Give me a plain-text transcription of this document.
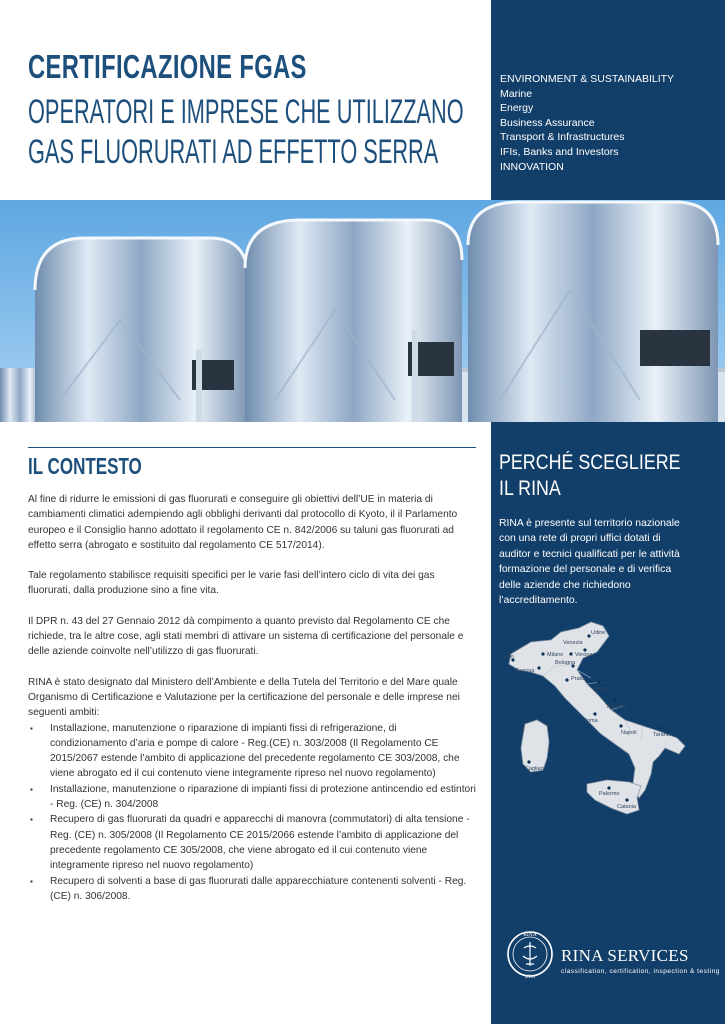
CERTIFICAZIONE FGAS
OPERATORI E IMPRESE CHE UTILIZZANO
GAS FLUORURATI AD EFFETTO SERRA
ENVIRONMENT & SUSTAINABILITY
Marine
Energy
Business Assurance
Transport & Infrastructures
IFIs, Banks and Investors
INNOVATION
PERCHÉ SCEGLIERE IL RINA

RINA è presente sul territorio nazionale con una rete di propri uffici dotati di auditor e tecnici qualificati per le attività formazione del personale e di verifica delle aziende che richiedono l’accreditamento.

Udine
Venezia
Milano Verona
Torino
Genova
Bologna
Prato
Ancona
Pescara
Roma
Napoli	Taranto
Cagliari
Palermo
Catania
RINA
1861

RINA SERVICES

classification, certification, inspection & testing

IL CONTESTO

Al fine di ridurre le emissioni di gas fluorurati e conseguire gli obiettivi dell’UE in materia di cambiamenti climatici adempiendo agli obblighi derivanti dal protocollo di Kyoto, il il Parlamento europeo e il Consiglio hanno adottato il regolamento CE n. 842/2006 su taluni gas fluorurati ad effetto serra (abrogato e sostituito dal regolamento CE 517/2014).

Tale regolamento stabilisce requisiti specifici per le varie fasi dell’intero ciclo di vita dei gas fluorurati, dalla produzione sino a fine vita.

Il DPR n. 43 del 27 Gennaio 2012 dà compimento a quanto previsto dal Regolamento CE che richiede, tra le altre cose, agli stati membri di attivare un sistema di certificazione del personale e delle aziende coinvolte nell’utilizzo di gas fluorurati.

RINA è stato designato dal Ministero dell’Ambiente e della Tutela del Territorio e del Mare quale Organismo di Certificazione e Valutazione per la certificazione del personale e delle imprese nei seguenti ambiti:

▪ Installazione, manutenzione o riparazione di impianti fissi di refrigerazione, di condizionamento d’aria e pompe di calore - Reg.(CE) n. 303/2008 (Il Regolamento CE 2015/2067 estende l’ambito di applicazione del precedente regolamento CE 303/2008, che viene abrogato ed il cui contenuto viene integramente ripreso nel nuovo regolamento)
▪ Installazione, manutenzione o riparazione di impianti fissi di protezione antincendio ed estintori - Reg. (CE) n. 304/2008
▪ Recupero di gas fluorurati da quadri e apparecchi di manovra (commutatori) di alta tensione - Reg. (CE) n. 305/2008 (Il Regolamento CE 2015/2066 estende l’ambito di applicazione del precedente regolamento CE 305/2008, che viene abrogato ed il cui contenuto viene integramente ripreso nel nuovo regolamento)
▪ Recupero di solventi a base di gas fluorurati dalle apparecchiature contenenti solventi - Reg. (CE) n. 306/2008.
